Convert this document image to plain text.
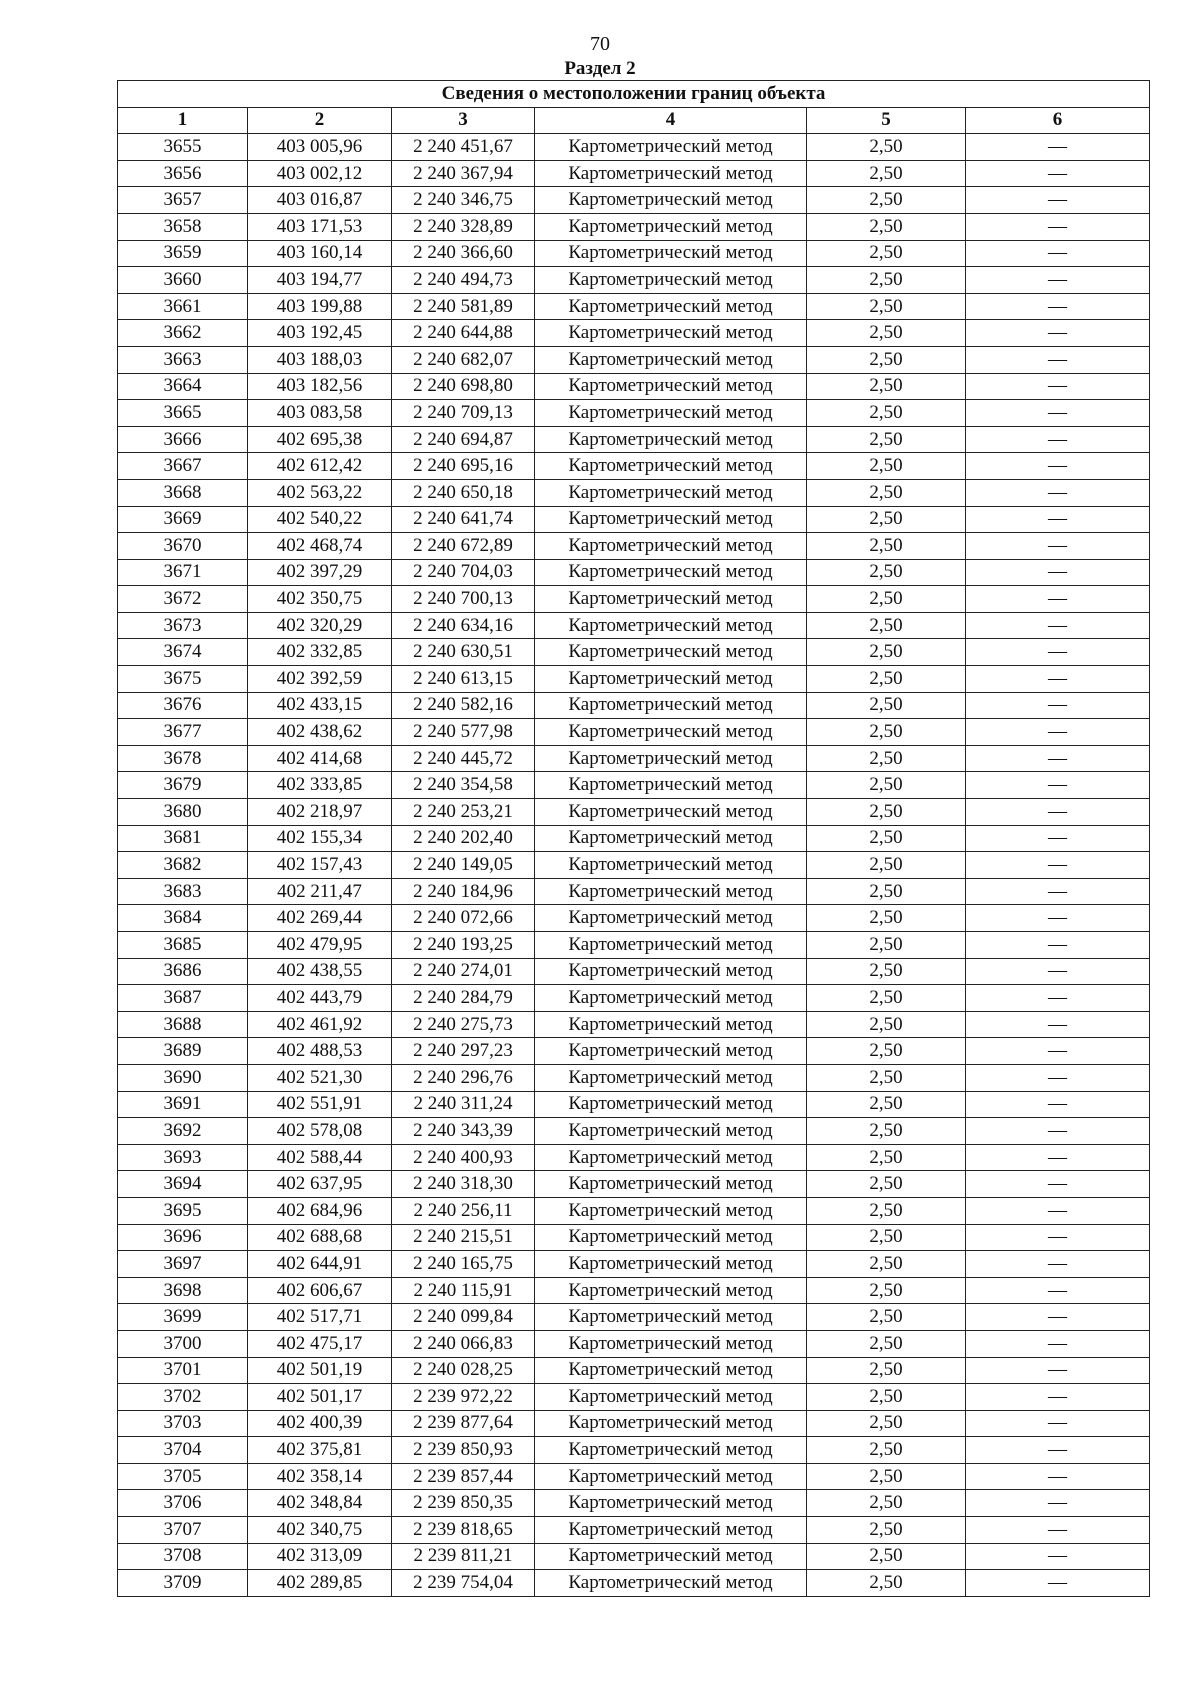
70
Раздел 2
Сведения о местоположении границ объекта					
1	2	3	4	5	6
3655	403 005,96	2 240 451,67	Картометрический метод	2,50	—
3656	403 002,12	2 240 367,94	Картометрический метод	2,50	—
3657	403 016,87	2 240 346,75	Картометрический метод	2,50	—
3658	403 171,53	2 240 328,89	Картометрический метод	2,50	—
3659	403 160,14	2 240 366,60	Картометрический метод	2,50	—
3660	403 194,77	2 240 494,73	Картометрический метод	2,50	—
3661	403 199,88	2 240 581,89	Картометрический метод	2,50	—
3662	403 192,45	2 240 644,88	Картометрический метод	2,50	—
3663	403 188,03	2 240 682,07	Картометрический метод	2,50	—
3664	403 182,56	2 240 698,80	Картометрический метод	2,50	—
3665	403 083,58	2 240 709,13	Картометрический метод	2,50	—
3666	402 695,38	2 240 694,87	Картометрический метод	2,50	—
3667	402 612,42	2 240 695,16	Картометрический метод	2,50	—
3668	402 563,22	2 240 650,18	Картометрический метод	2,50	—
3669	402 540,22	2 240 641,74	Картометрический метод	2,50	—
3670	402 468,74	2 240 672,89	Картометрический метод	2,50	—
3671	402 397,29	2 240 704,03	Картометрический метод	2,50	—
3672	402 350,75	2 240 700,13	Картометрический метод	2,50	—
3673	402 320,29	2 240 634,16	Картометрический метод	2,50	—
3674	402 332,85	2 240 630,51	Картометрический метод	2,50	—
3675	402 392,59	2 240 613,15	Картометрический метод	2,50	—
3676	402 433,15	2 240 582,16	Картометрический метод	2,50	—
3677	402 438,62	2 240 577,98	Картометрический метод	2,50	—
3678	402 414,68	2 240 445,72	Картометрический метод	2,50	—
3679	402 333,85	2 240 354,58	Картометрический метод	2,50	—
3680	402 218,97	2 240 253,21	Картометрический метод	2,50	—
3681	402 155,34	2 240 202,40	Картометрический метод	2,50	—
3682	402 157,43	2 240 149,05	Картометрический метод	2,50	—
3683	402 211,47	2 240 184,96	Картометрический метод	2,50	—
3684	402 269,44	2 240 072,66	Картометрический метод	2,50	—
3685	402 479,95	2 240 193,25	Картометрический метод	2,50	—
3686	402 438,55	2 240 274,01	Картометрический метод	2,50	—
3687	402 443,79	2 240 284,79	Картометрический метод	2,50	—
3688	402 461,92	2 240 275,73	Картометрический метод	2,50	—
3689	402 488,53	2 240 297,23	Картометрический метод	2,50	—
3690	402 521,30	2 240 296,76	Картометрический метод	2,50	—
3691	402 551,91	2 240 311,24	Картометрический метод	2,50	—
3692	402 578,08	2 240 343,39	Картометрический метод	2,50	—
3693	402 588,44	2 240 400,93	Картометрический метод	2,50	—
3694	402 637,95	2 240 318,30	Картометрический метод	2,50	—
3695	402 684,96	2 240 256,11	Картометрический метод	2,50	—
3696	402 688,68	2 240 215,51	Картометрический метод	2,50	—
3697	402 644,91	2 240 165,75	Картометрический метод	2,50	—
3698	402 606,67	2 240 115,91	Картометрический метод	2,50	—
3699	402 517,71	2 240 099,84	Картометрический метод	2,50	—
3700	402 475,17	2 240 066,83	Картометрический метод	2,50	—
3701	402 501,19	2 240 028,25	Картометрический метод	2,50	—
3702	402 501,17	2 239 972,22	Картометрический метод	2,50	—
3703	402 400,39	2 239 877,64	Картометрический метод	2,50	—
3704	402 375,81	2 239 850,93	Картометрический метод	2,50	—
3705	402 358,14	2 239 857,44	Картометрический метод	2,50	—
3706	402 348,84	2 239 850,35	Картометрический метод	2,50	—
3707	402 340,75	2 239 818,65	Картометрический метод	2,50	—
3708	402 313,09	2 239 811,21	Картометрический метод	2,50	—
3709	402 289,85	2 239 754,04	Картометрический метод	2,50	—
